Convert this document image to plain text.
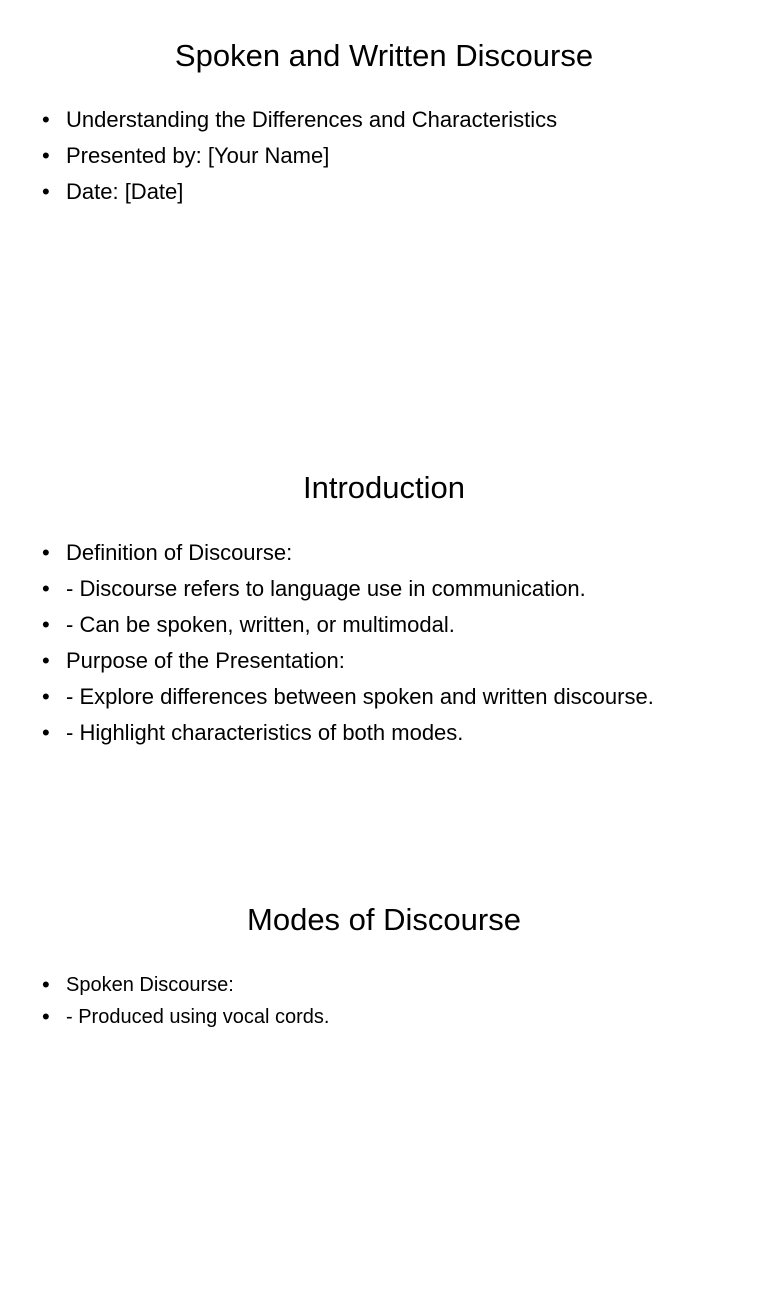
Spoken and Written Discourse
• Understanding the Differences and Characteristics
• Presented by: [Your Name]
• Date: [Date]
Introduction
• Definition of Discourse:
• - Discourse refers to language use in communication.
• - Can be spoken, written, or multimodal.
• Purpose of the Presentation:
• - Explore differences between spoken and written discourse.
• - Highlight characteristics of both modes.
Modes of Discourse
• Spoken Discourse:
• - Produced using vocal cords.
